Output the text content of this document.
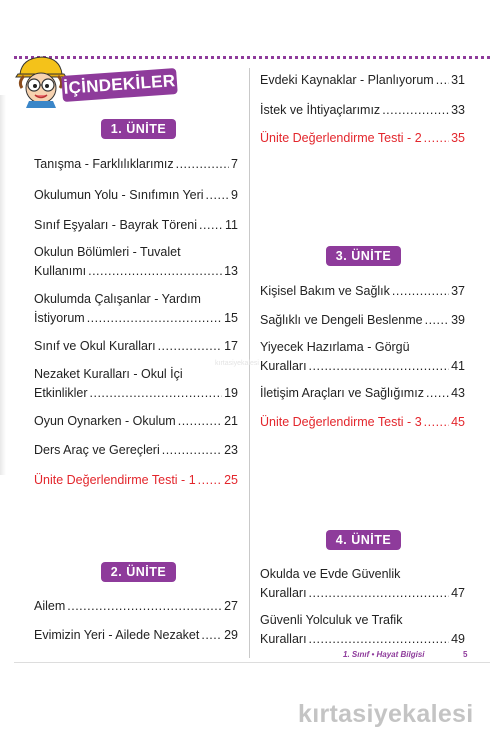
İÇİNDEKİLER
1. ÜNİTE
Tanışma - Farklılıklarımız .....	7
Okulumun Yolu - Sınıfımın Yeri ..... 9
Sınıf Eşyaları - Bayrak Töreni ..... 11
Okulun Bölümleri - Tuvalet
Kullanımı .....	13
Okulumda Çalışanlar - Yardım
İstiyorum .....	15
Sınıf ve Okul Kuralları .....	17
Nezaket Kuralları - Okul İçi
Etkinlikler .....	19
Oyun Oynarken - Okulum .....	21
Ders Araç ve Gereçleri .....	23
Ünite Değerlendirme Testi - 1 ..... 25
2. ÜNİTE
Ailem .....	27
Evimizin Yeri - Ailede Nezaket ..... 29
Evdeki Kaynaklar - Planlıyorum ..... 31
İstek ve İhtiyaçlarımız .....	33
Ünite Değerlendirme Testi - 2 ..... 35
3. ÜNİTE
Kişisel Bakım ve Sağlık .....	37
Sağlıklı ve Dengeli Beslenme ..... 39
Yiyecek Hazırlama - Görgü
Kuralları .....	41
İletişim Araçları ve Sağlığımız ..... 43
Ünite Değerlendirme Testi - 3 ..... 45
4. ÜNİTE
Okulda ve Evde Güvenlik
Kuralları .....	47
Güvenli Yolculuk ve Trafik
Kuralları .....	49
1. Sınıf • Hayat Bilgisi	5
kırtasiyekalesi
kırtasiyekalesi
